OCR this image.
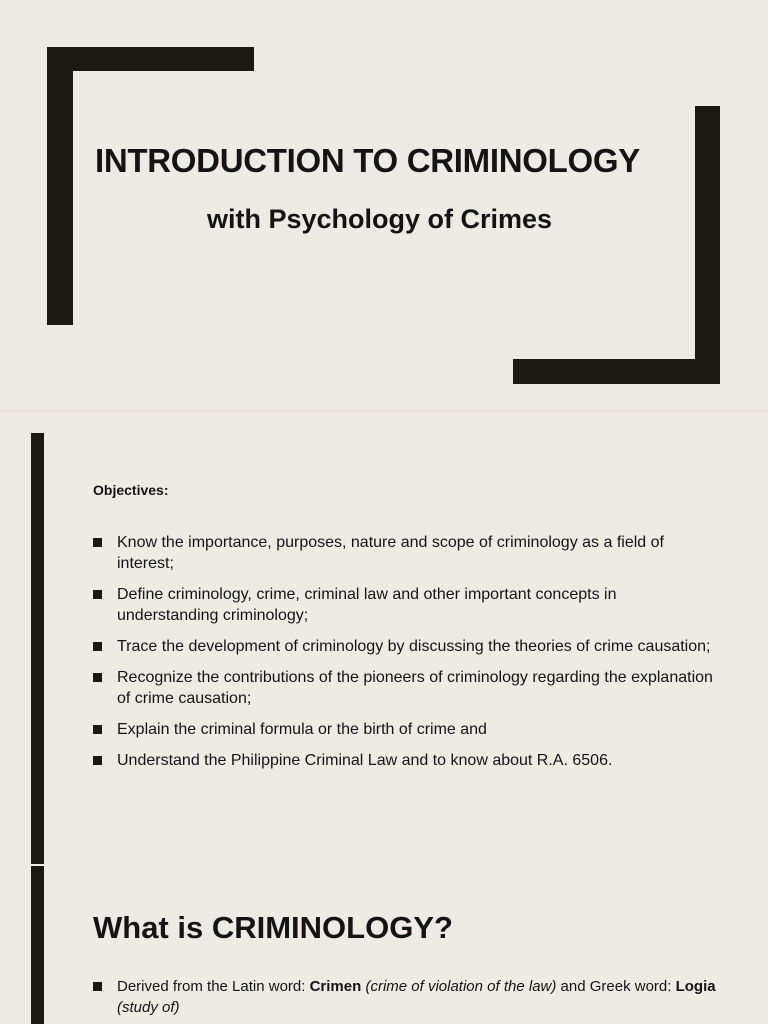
INTRODUCTION TO CRIMINOLOGY
with Psychology of Crimes
Objectives:
Know the importance, purposes, nature and scope of criminology as a field of interest;
Define criminology, crime, criminal law and other important concepts in understanding criminology;
Trace the development of criminology by discussing the theories of crime causation;
Recognize the contributions of the pioneers of criminology regarding the explanation of crime causation;
Explain the criminal formula or the birth of crime and
Understand the Philippine Criminal Law and to know about R.A. 6506.
What is CRIMINOLOGY?
Derived from the Latin word: Crimen (crime of violation of the law) and Greek word: Logia (study of)
